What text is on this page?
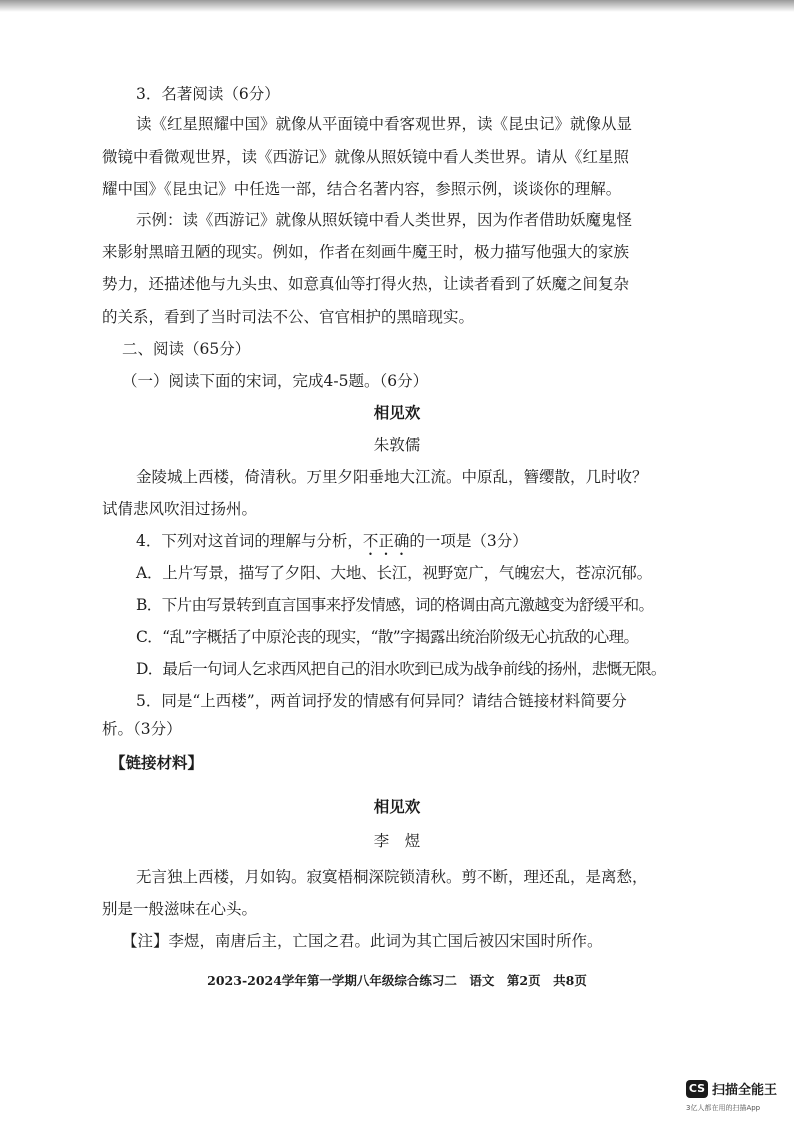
3．名著阅读（6分）
读《红星照耀中国》就像从平面镜中看客观世界，读《昆虫记》就像从显
微镜中看微观世界，读《西游记》就像从照妖镜中看人类世界。请从《红星照
耀中国》《昆虫记》中任选一部，结合名著内容，参照示例，谈谈你的理解。
示例：读《西游记》就像从照妖镜中看人类世界，因为作者借助妖魔鬼怪
来影射黑暗丑陋的现实。例如，作者在刻画牛魔王时，极力描写他强大的家族
势力，还描述他与九头虫、如意真仙等打得火热，让读者看到了妖魔之间复杂
的关系，看到了当时司法不公、官官相护的黑暗现实。
二、阅读（65分）
（一）阅读下面的宋词，完成4-5题。（6分）
相见欢
朱敦儒
金陵城上西楼，倚清秋。万里夕阳垂地大江流。中原乱，簪缨散，几时收？
试倩悲风吹泪过扬州。
4．下列对这首词的理解与分析，不正确的一项是（3分）
A．上片写景，描写了夕阳、大地、长江，视野宽广，气魄宏大，苍凉沉郁。
B．下片由写景转到直言国事来抒发情感，词的格调由高亢激越变为舒缓平和。
C．“乱”字概括了中原沦丧的现实，“散”字揭露出统治阶级无心抗敌的心理。
D．最后一句词人乞求西风把自己的泪水吹到已成为战争前线的扬州，悲慨无限。
5．同是“上西楼”，两首词抒发的情感有何异同？请结合链接材料简要分
析。（3分）
【链接材料】
相见欢
李　煜
无言独上西楼，月如钩。寂寞梧桐深院锁清秋。剪不断，理还乱，是离愁，
别是一般滋味在心头。
【注】李煜，南唐后主，亡国之君。此词为其亡国后被囚宋国时所作。
2023-2024学年第一学期八年级综合练习二　语文　第2页　共8页
CS 扫描全能王
3亿人都在用的扫描App
